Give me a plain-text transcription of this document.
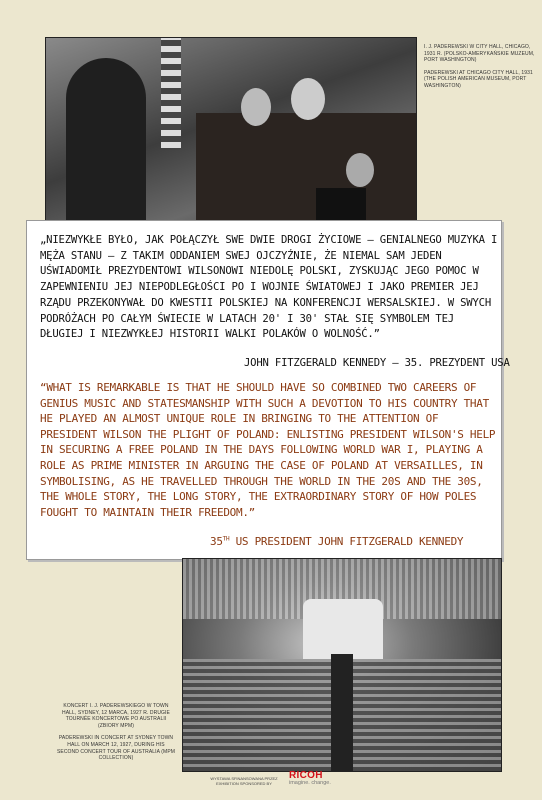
I. J. PADEREWSKI W CITY HALL, CHICAGO, 1931 R. (POLSKO-AMERYKAŃSKIE MUZEUM, PORT WASHINGTON)

PADEREWSKI AT CHICAGO CITY HALL, 1931 (THE POLISH AMERICAN MUSEUM, PORT WASHINGTON)

„NIEZWYKŁE BYŁO, JAK POŁĄCZYŁ SWE DWIE DROGI ŻYCIOWE – GENIALNEGO MUZYKA I MĘŻA STANU – Z TAKIM ODDANIEM SWEJ OJCZYŹNIE, ŻE NIEMAL SAM JEDEN UŚWIADOMIŁ PREZYDENTOWI WILSONOWI NIEDOLĘ POLSKI, ZYSKUJĄC JEGO POMOC W ZAPEWNIENIU JEJ NIEPODLEGŁOŚCI PO I WOJNIE ŚWIATOWEJ I JAKO PREMIER JEJ RZĄDU PRZEKONYWAŁ DO KWESTII POLSKIEJ NA KONFERENCJI WERSALSKIEJ. W SWYCH PODRÓŻACH PO CAŁYM ŚWIECIE W LATACH 20' I 30' STAŁ SIĘ SYMBOLEM TEJ DŁUGIEJ I NIEZWYKŁEJ HISTORII WALKI POLAKÓW O WOLNOŚĆ.”

JOHN FITZGERALD KENNEDY – 35. PREZYDENT USA

“WHAT IS REMARKABLE IS THAT HE SHOULD HAVE SO COMBINED TWO CAREERS OF GENIUS MUSIC AND STATESMANSHIP WITH SUCH A DEVOTION TO HIS COUNTRY THAT HE PLAYED AN ALMOST UNIQUE ROLE IN BRINGING TO THE ATTENTION OF PRESIDENT WILSON THE PLIGHT OF POLAND: ENLISTING PRESIDENT WILSON'S HELP IN SECURING A FREE POLAND IN THE DAYS FOLLOWING WORLD WAR I, PLAYING A ROLE AS PRIME MINISTER IN ARGUING THE CASE OF POLAND AT VERSAILLES, IN SYMBOLISING, AS HE TRAVELLED THROUGH THE WORLD IN THE 20S AND THE 30S, THE WHOLE STORY, THE LONG STORY, THE EXTRAORDINARY STORY OF HOW POLES FOUGHT TO MAINTAIN THEIR FREEDOM.”

35TH US PRESIDENT JOHN FITZGERALD KENNEDY

KONCERT I. J. PADEREWSKIEGO W TOWN HALL, SYDNEY, 12 MARCA, 1927 R. DRUGIE TOURNÉE KONCERTOWE PO AUSTRALII (ZBIORY MPM)

PADEREWSKI IN CONCERT AT SYDNEY TOWN HALL ON MARCH 12, 1927, DURING HIS SECOND CONCERT TOUR OF AUSTRALIA (MPM COLLECTION)

WYSTAWA SFINANSOWANA PRZEZ
EXHIBITION SPONSORED BY
RICOH
imagine. change.
